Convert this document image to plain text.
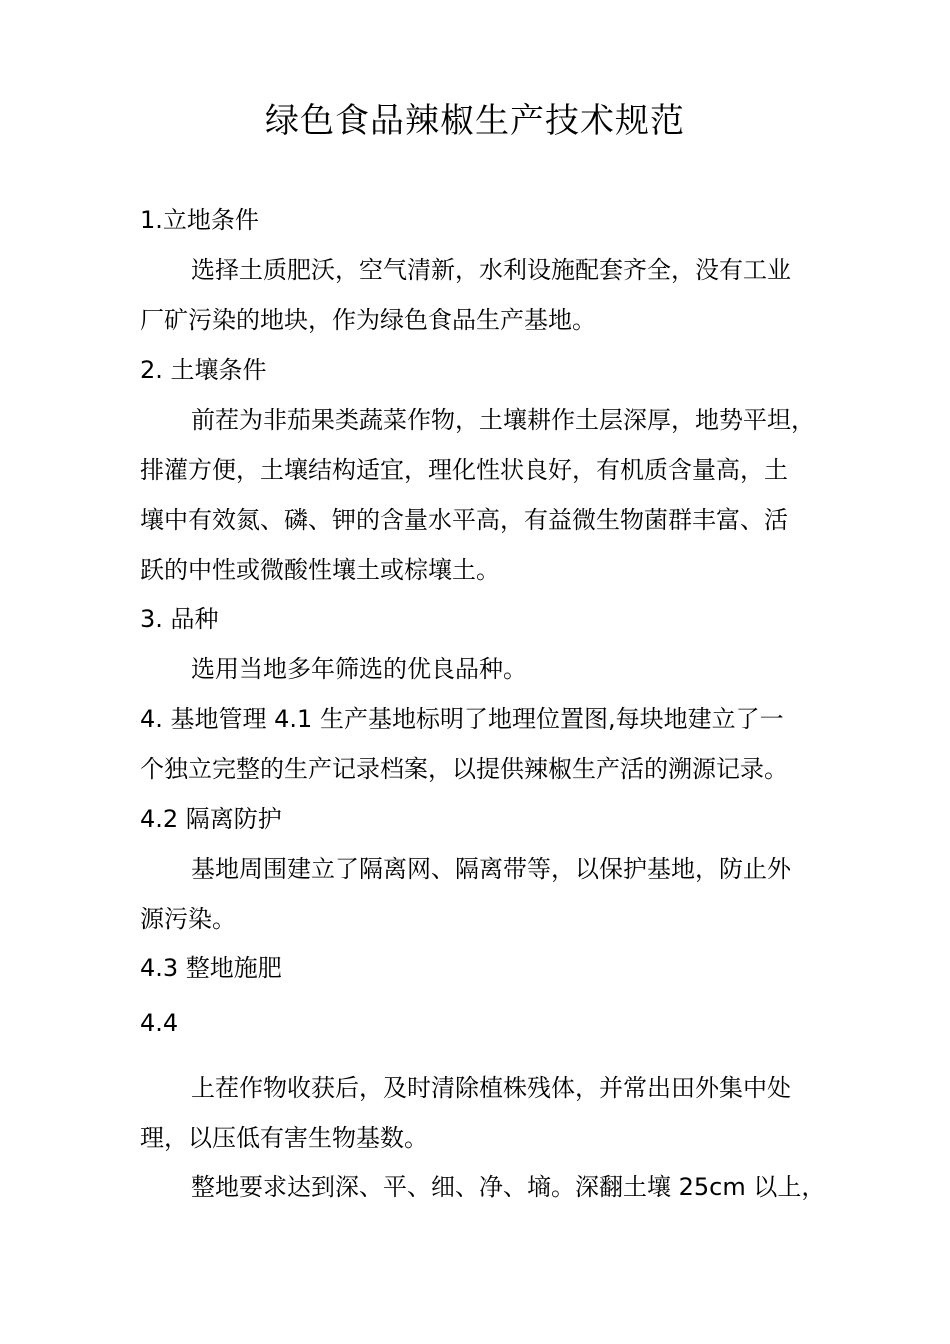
绿色食品辣椒生产技术规范
1.立地条件
选择土质肥沃，空气清新，水利设施配套齐全，没有工业
厂矿污染的地块，作为绿色食品生产基地。
2. 土壤条件
前茬为非茄果类蔬菜作物，土壤耕作土层深厚，地势平坦，
排灌方便，土壤结构适宜，理化性状良好，有机质含量高，土
壤中有效氮、磷、钾的含量水平高，有益微生物菌群丰富、活
跃的中性或微酸性壤土或棕壤土。
3. 品种
选用当地多年筛选的优良品种。
4. 基地管理 4.1 生产基地标明了地理位置图,每块地建立了一
个独立完整的生产记录档案，以提供辣椒生产活的溯源记录。
4.2 隔离防护
基地周围建立了隔离网、隔离带等，以保护基地，防止外
源污染。
4.3 整地施肥
4.4
上茬作物收获后，及时清除植株残体，并常出田外集中处
理，以压低有害生物基数。
整地要求达到深、平、细、净、墒。深翻土壤 25cm 以上，
